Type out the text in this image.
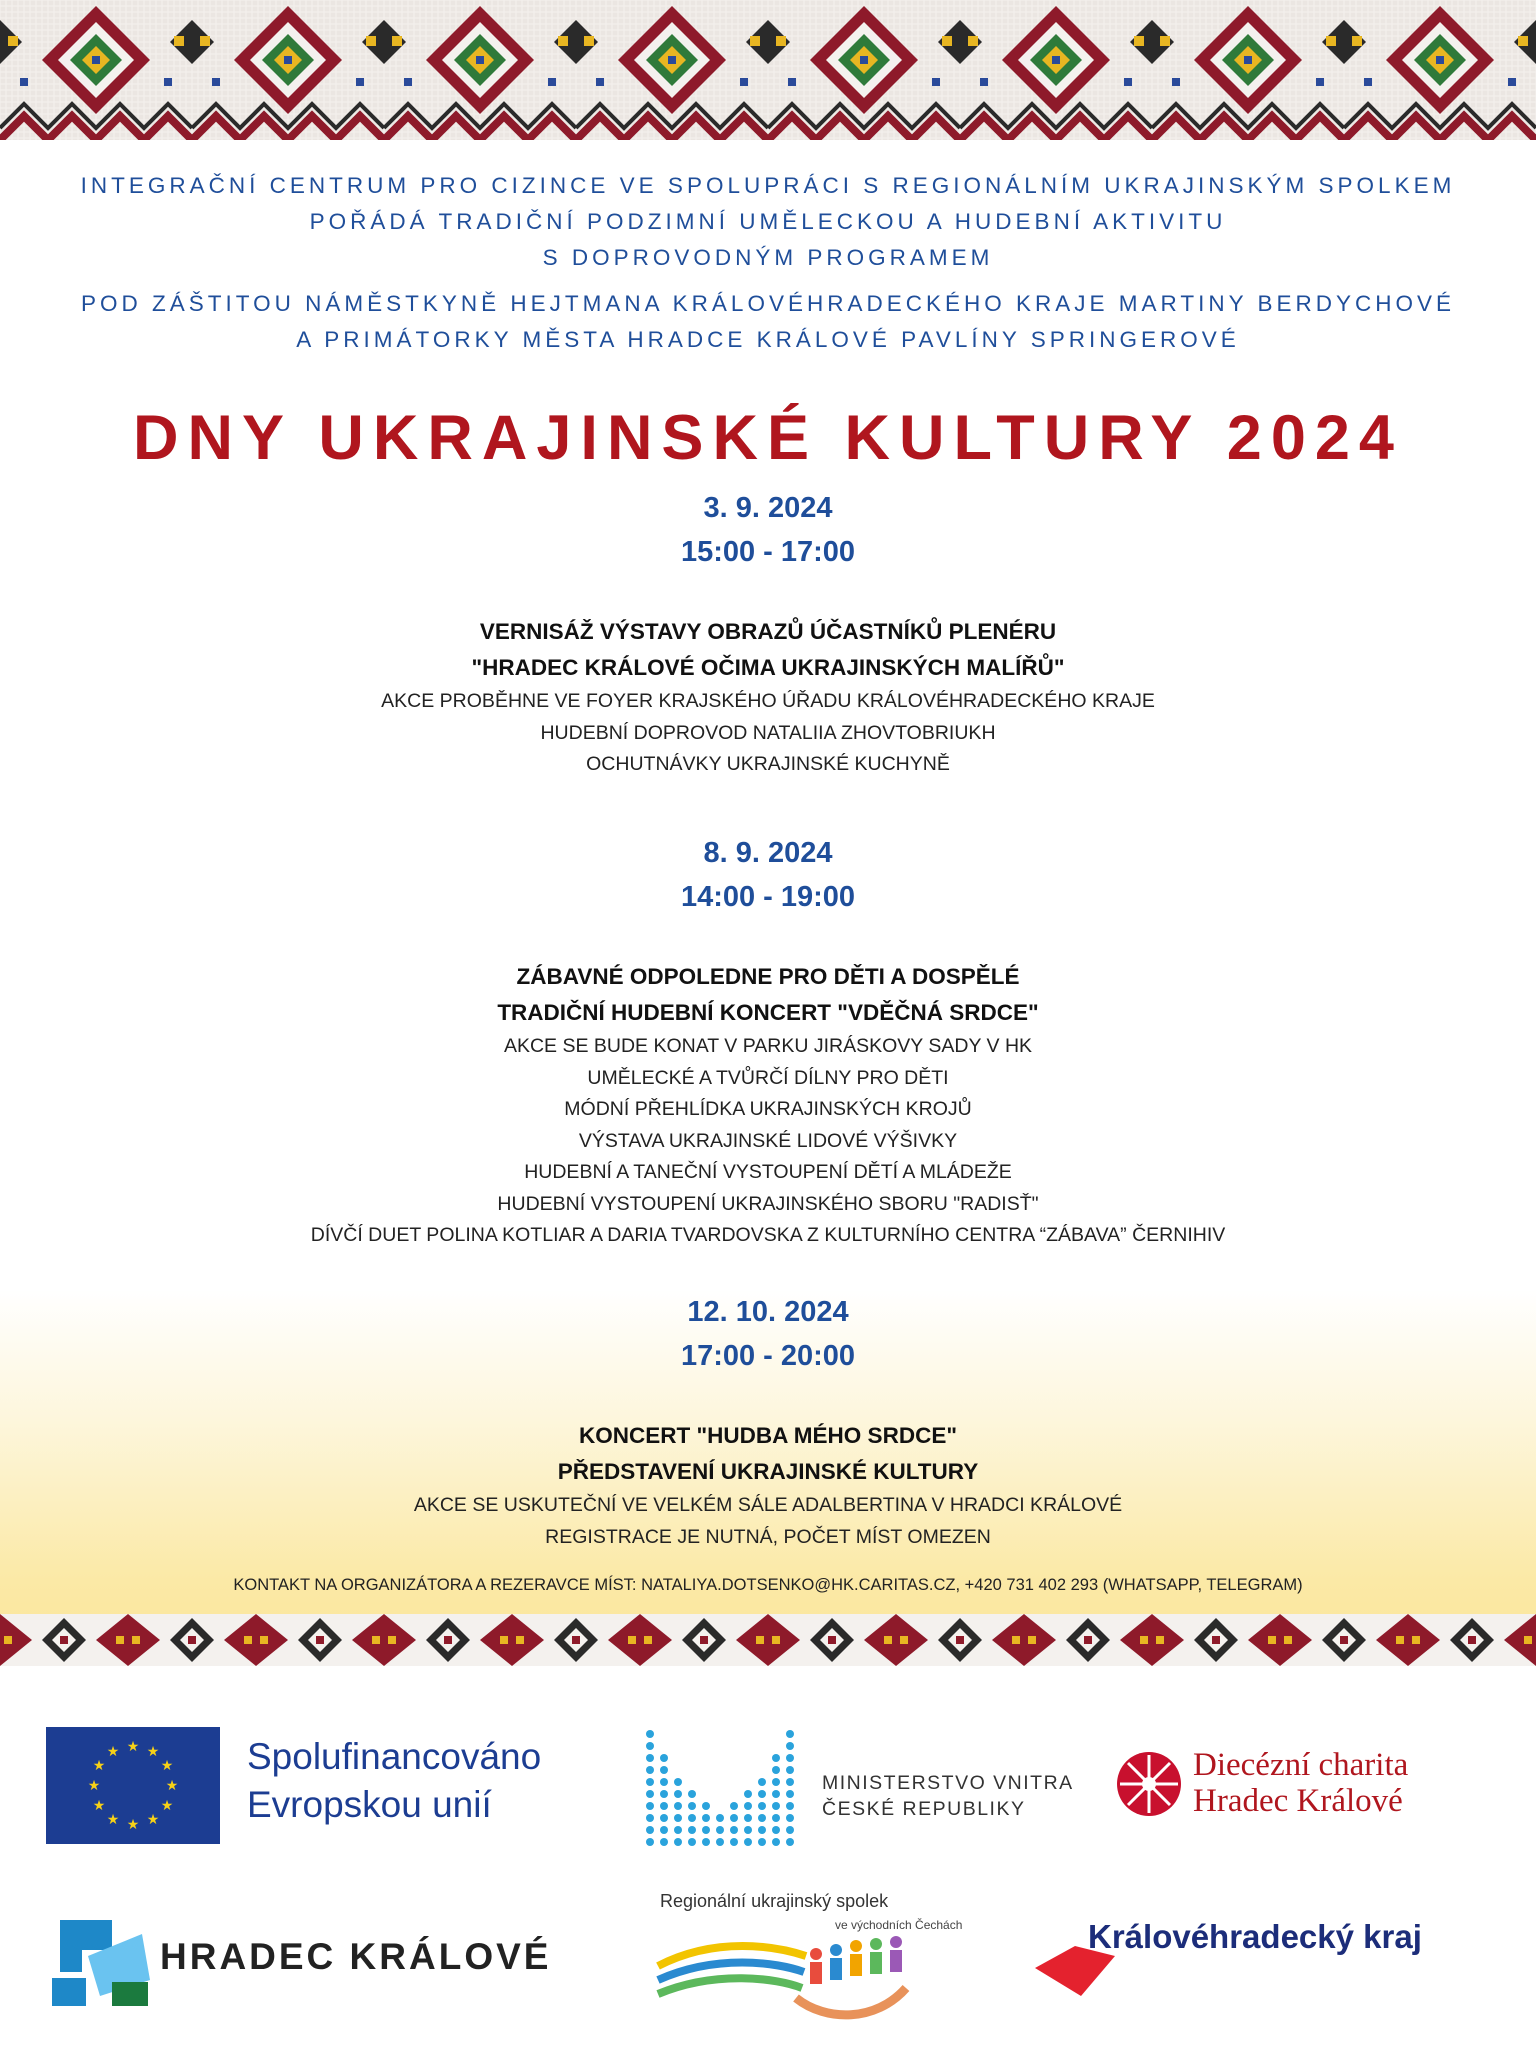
INTEGRAČNÍ CENTRUM PRO CIZINCE VE SPOLUPRÁCI S REGIONÁLNÍM UKRAJINSKÝM SPOLKEM
POŘÁDÁ TRADIČNÍ PODZIMNÍ UMĚLECKOU A HUDEBNÍ AKTIVITU
S DOPROVODNÝM PROGRAMEM
POD ZÁŠTITOU NÁMĚSTKYNĚ HEJTMANA KRÁLOVÉHRADECKÉHO KRAJE MARTINY BERDYCHOVÉ
A PRIMÁTORKY MĚSTA HRADCE KRÁLOVÉ PAVLÍNY SPRINGEROVÉ
DNY UKRAJINSKÉ KULTURY 2024
3. 9. 2024
15:00 - 17:00
VERNISÁŽ VÝSTAVY OBRAZŮ ÚČASTNÍKŮ PLENÉRU
"HRADEC KRÁLOVÉ OČIMA UKRAJINSKÝCH MALÍŘŮ"
AKCE PROBĚHNE VE FOYER KRAJSKÉHO ÚŘADU KRÁLOVÉHRADECKÉHO KRAJE
HUDEBNÍ DOPROVOD NATALIIA ZHOVTOBRIUKH
OCHUTNÁVKY UKRAJINSKÉ KUCHYNĚ
8. 9. 2024
14:00 - 19:00
ZÁBAVNÉ ODPOLEDNE PRO DĚTI A DOSPĚLÉ
TRADIČNÍ HUDEBNÍ KONCERT "VDĚČNÁ SRDCE"
AKCE SE BUDE KONAT V PARKU JIRÁSKOVY SADY V HK
UMĚLECKÉ A TVŮRČÍ DÍLNY PRO DĚTI
MÓDNÍ PŘEHLÍDKA UKRAJINSKÝCH KROJŮ
VÝSTAVA UKRAJINSKÉ LIDOVÉ VÝŠIVKY
HUDEBNÍ A TANEČNÍ VYSTOUPENÍ DĚTÍ A MLÁDEŽE
HUDEBNÍ VYSTOUPENÍ UKRAJINSKÉHO SBORU "RADISŤ"
DÍVČÍ DUET POLINA KOTLIAR A DARIA TVARDOVSKA Z KULTURNÍHO CENTRA “ZÁBAVA” ČERNIHIV
12. 10. 2024
17:00 - 20:00
KONCERT "HUDBA MÉHO SRDCE"
PŘEDSTAVENÍ UKRAJINSKÉ KULTURY
AKCE SE USKUTEČNÍ VE VELKÉM SÁLE ADALBERTINA V HRADCI KRÁLOVÉ
REGISTRACE JE NUTNÁ, POČET MÍST OMEZEN
KONTAKT NA ORGANIZÁTORA A REZERAVCE MÍST: NATALIYA.DOTSENKO@HK.CARITAS.CZ, +420 731 402 293 (WHATSAPP, TELEGRAM)
★ ★
★
★
★
★
★
★
★
★
★
★	Spolufinancováno
Evropskou unií
MINISTERSTVO VNITRA
ČESKÉ REPUBLIKY
Diecézní charita
Hradec Králové
HRADEC KRÁLOVÉ
Regionální ukrajinský spolek
ve východních Čechách	Královéhradecký kraj
